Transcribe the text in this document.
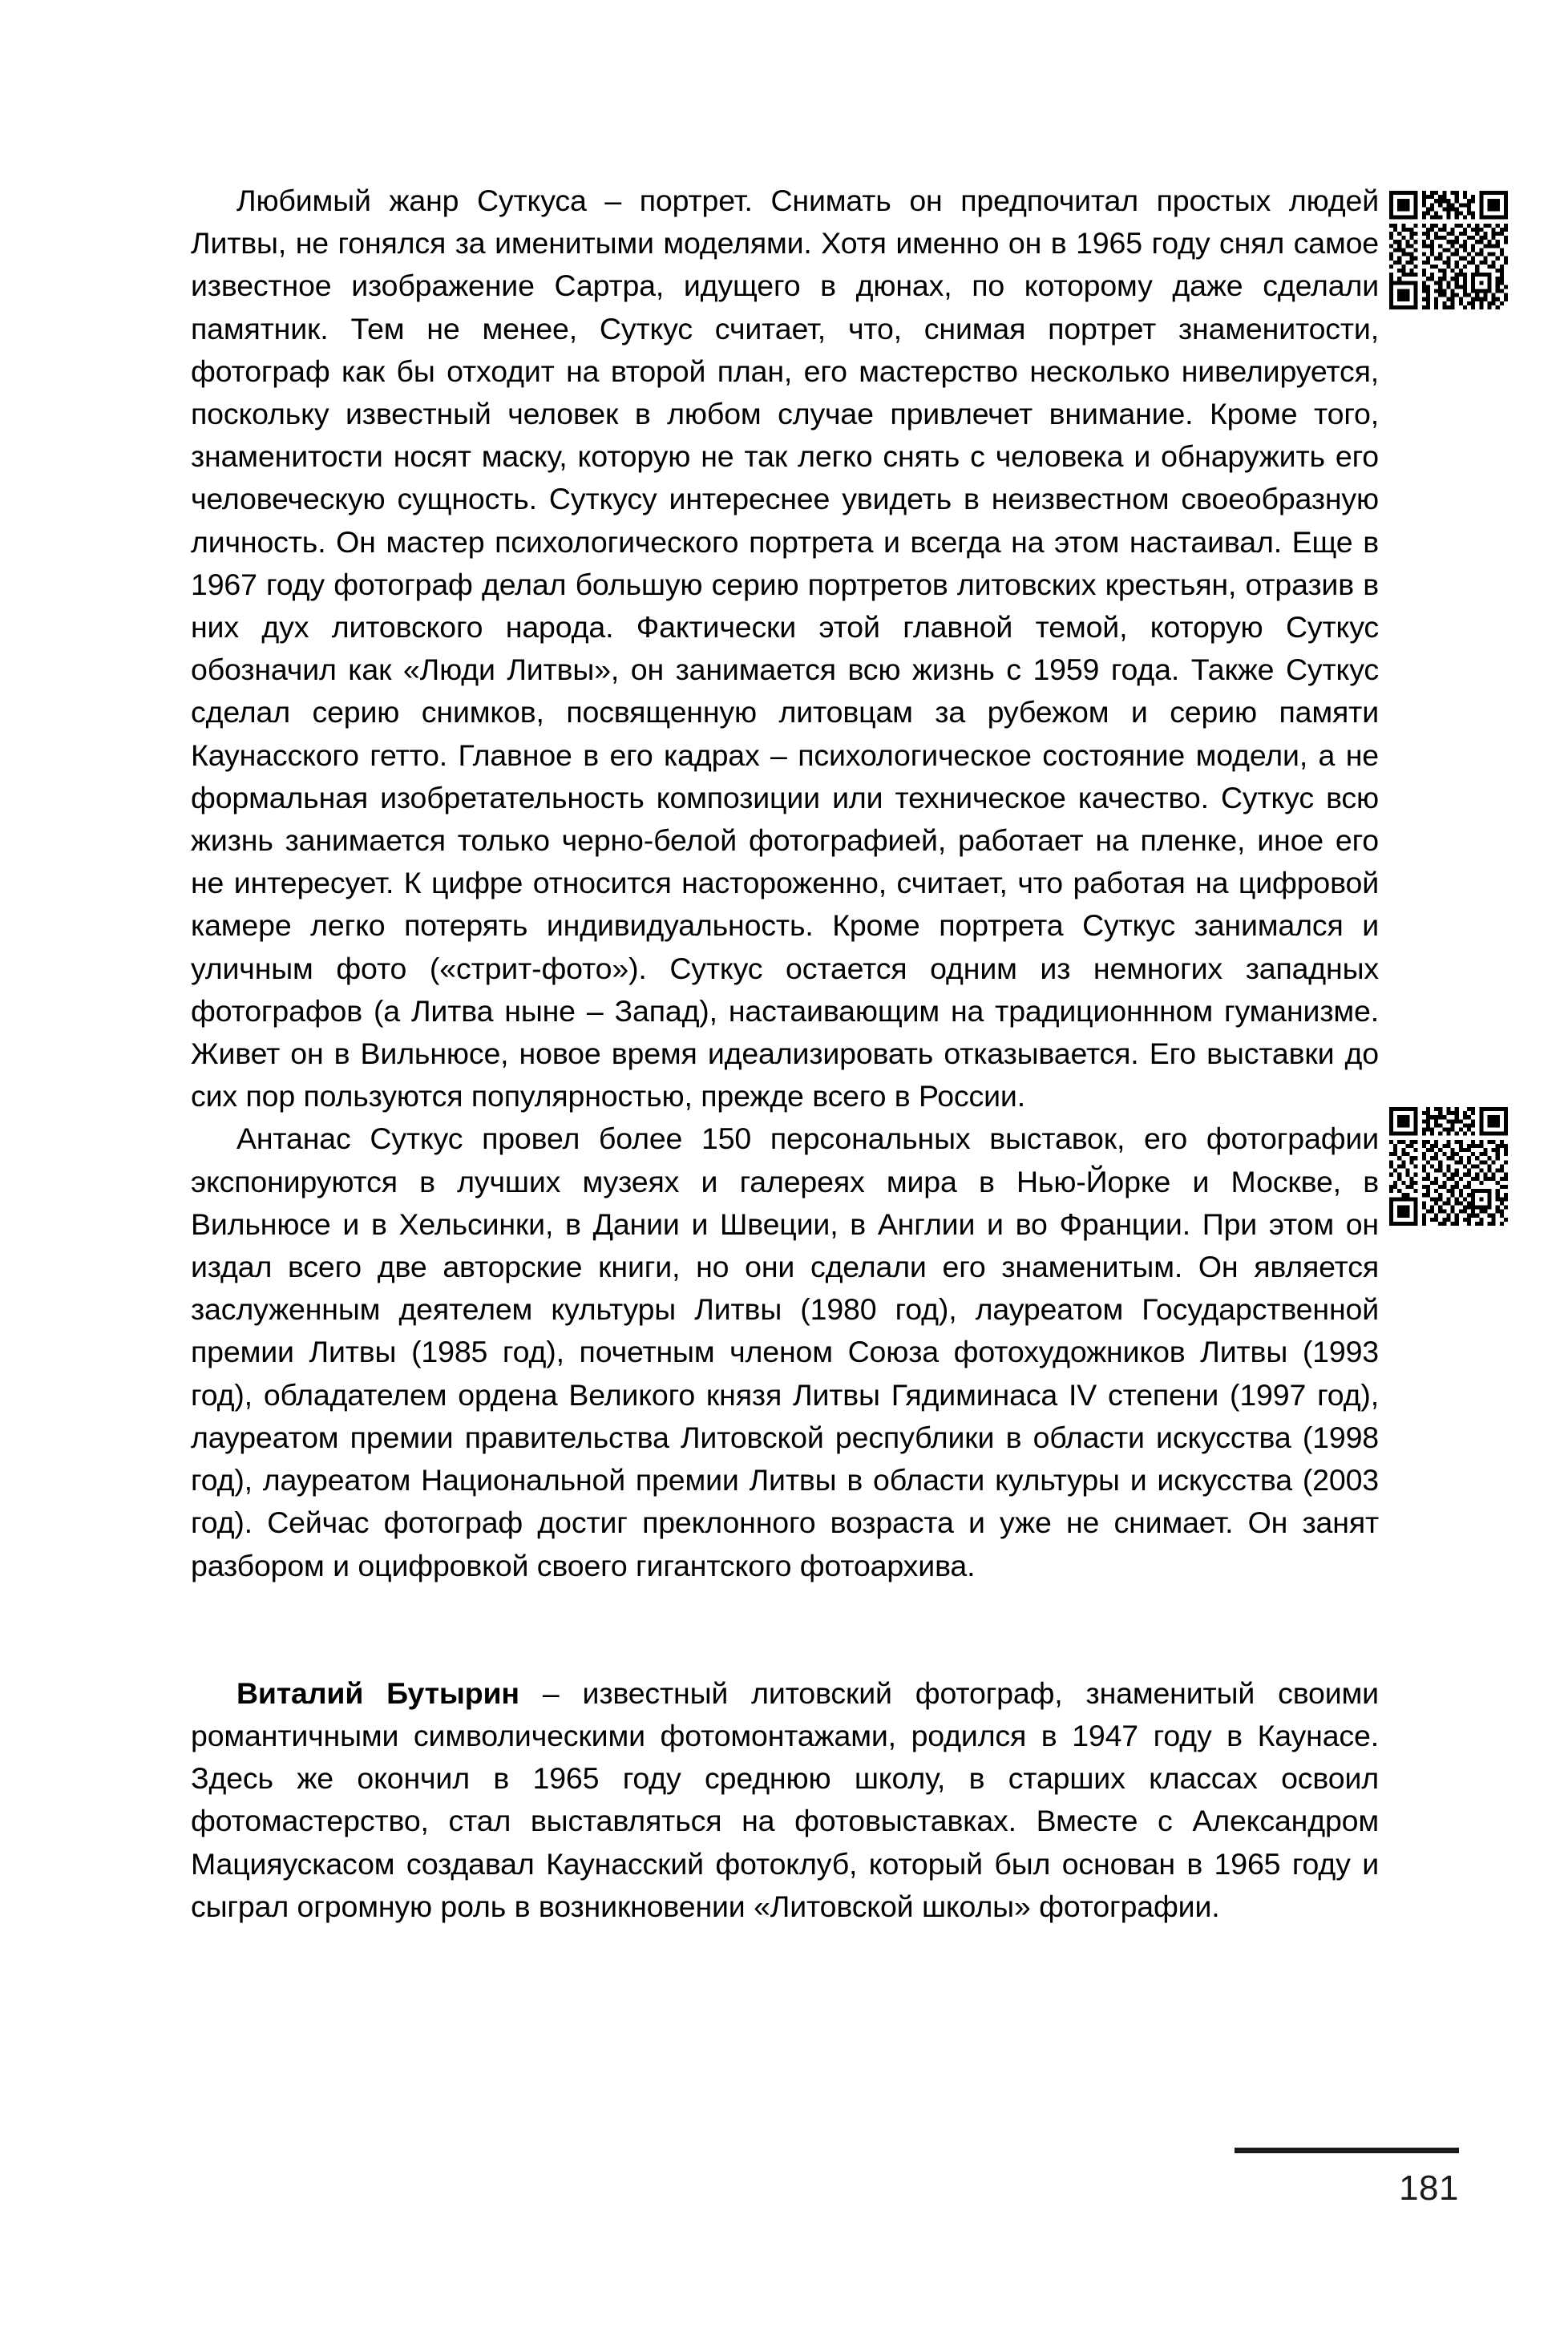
Любимый жанр Суткуса – портрет. Снимать он предпочитал простых людей Литвы, не гонялся за именитыми моделями. Хотя именно он в 1965 году снял самое известное изображение Сартра, идущего в дюнах, по которому даже сделали памятник. Тем не менее, Суткус считает, что, снимая портрет знаменитости, фотограф как бы отходит на второй план, его мастерство несколько нивелируется, поскольку известный человек в любом случае привлечет внимание. Кроме того, знаменитости носят маску, которую не так легко снять с человека и обнаружить его человеческую сущность. Суткусу интереснее увидеть в неизвестном своеобразную личность. Он мастер психологического портрета и всегда на этом настаивал. Еще в 1967 году фотограф делал большую серию портретов литовских крестьян, отразив в них дух литовского народа. Фактически этой главной темой, которую Суткус обозначил как «Люди Литвы», он занимается всю жизнь с 1959 года. Также Суткус сделал серию снимков, посвященную литовцам за рубежом и серию памяти Каунасского гетто. Главное в его кадрах – психологическое состояние модели, а не формальная изобретательность композиции или техническое качество. Суткус всю жизнь занимается только черно-белой фотографией, работает на пленке, иное его не интересует. К цифре относится настороженно, считает, что работая на цифровой камере легко потерять индивидуальность. Кроме портрета Суткус занимался и уличным фото («стрит-фото»). Суткус остается одним из немногих западных фотографов (а Литва ныне – Запад), настаивающим на традиционнном гуманизме. Живет он в Вильнюсе, новое время идеализировать отказывается. Его выставки до сих пор пользуются популярностью, прежде всего в России.

Антанас Суткус провел более 150 персональных выставок, его фотографии экспонируются в лучших музеях и галереях мира в Нью-Йорке и Москве, в Вильнюсе и в Хельсинки, в Дании и Швеции, в Англии и во Франции. При этом он издал всего две авторские книги, но они сделали его знаменитым. Он является заслуженным деятелем культуры Литвы (1980 год), лауреатом Государственной премии Литвы (1985 год), почетным членом Союза фотохудожников Литвы (1993 год), обладателем ордена Великого князя Литвы Гядиминаса IV степени (1997 год), лауреатом премии правительства Литовской республики в области искусства (1998 год), лауреатом Национальной премии Литвы в области культуры и искусства (2003 год). Сейчас фотограф достиг преклонного возраста и уже не снимает. Он занят разбором и оцифровкой своего гигантского фотоархива.

Виталий Бутырин – известный литовский фотограф, знаменитый своими романтичными символическими фотомонтажами, родился в 1947 году в Каунасе. Здесь же окончил в 1965 году среднюю школу, в старших классах освоил фотомастерство, стал выставляться на фотовыставках. Вместе с Александром Мацияускасом создавал Каунасский фотоклуб, который был основан в 1965 году и сыграл огромную роль в возникновении «Литовской школы» фотографии.

181
